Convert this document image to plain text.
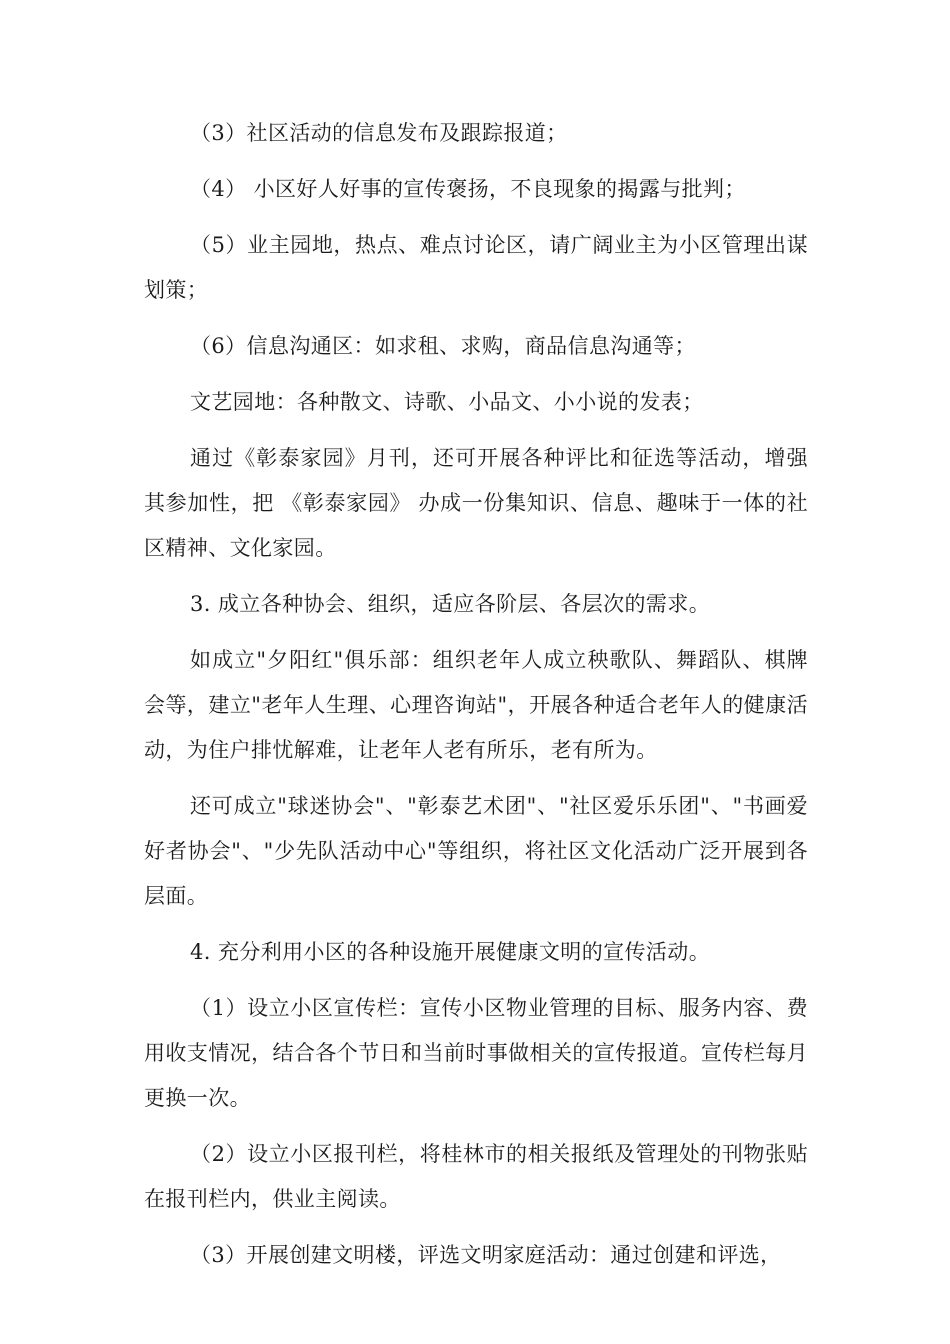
（3）社区活动的信息发布及跟踪报道；

（4） 小区好人好事的宣传褒扬，不良现象的揭露与批判；

（5）业主园地，热点、难点讨论区，请广阔业主为小区管理出谋划策；

（6）信息沟通区：如求租、求购，商品信息沟通等；

文艺园地：各种散文、诗歌、小品文、小小说的发表；

通过《彰泰家园》月刊，还可开展各种评比和征选等活动，增强其参加性，把 《彰泰家园》 办成一份集知识、信息、趣味于一体的社区精神、文化家园。

3. 成立各种协会、组织，适应各阶层、各层次的需求。

如成立"夕阳红"俱乐部：组织老年人成立秧歌队、舞蹈队、棋牌会等，建立"老年人生理、心理咨询站"，开展各种适合老年人的健康活动，为住户排忧解难，让老年人老有所乐，老有所为。

还可成立"球迷协会"、"彰泰艺术团"、"社区爱乐乐团"、"书画爱好者协会"、"少先队活动中心"等组织，将社区文化活动广泛开展到各层面。

4. 充分利用小区的各种设施开展健康文明的宣传活动。

（1）设立小区宣传栏：宣传小区物业管理的目标、服务内容、费用收支情况，结合各个节日和当前时事做相关的宣传报道。宣传栏每月更换一次。

（2）设立小区报刊栏，将桂林市的相关报纸及管理处的刊物张贴在报刊栏内，供业主阅读。

（3）开展创建文明楼，评选文明家庭活动：通过创建和评选，
